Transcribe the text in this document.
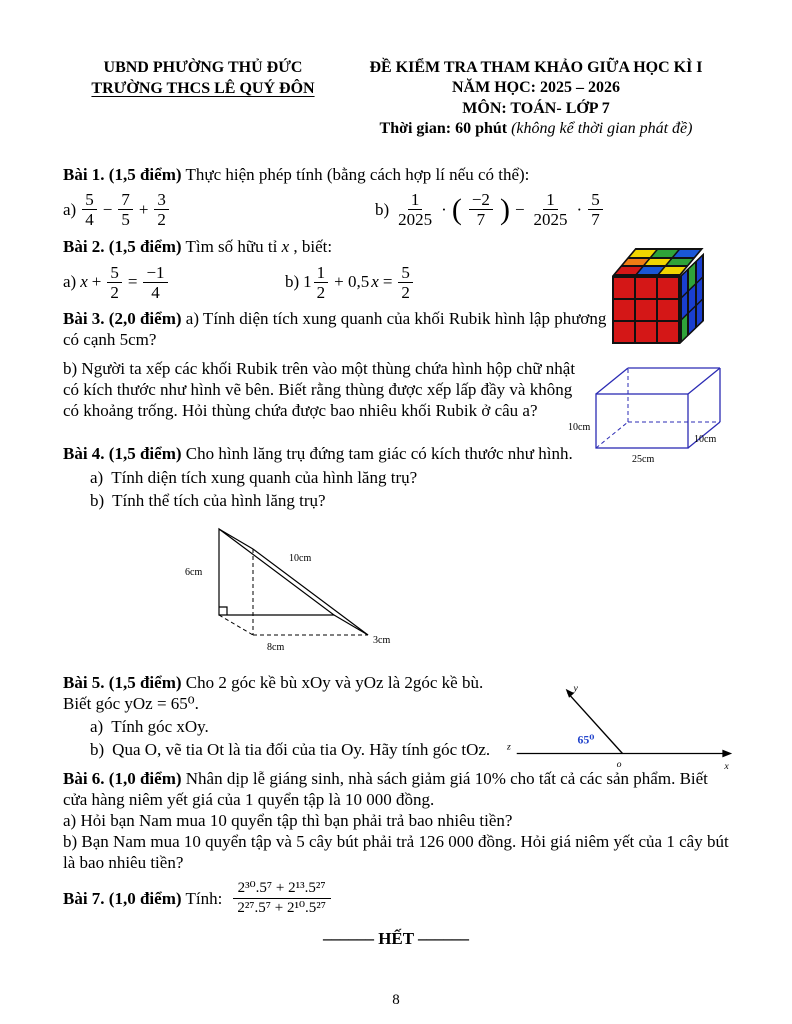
UBND PHƯỜNG THỦ ĐỨC
TRƯỜNG THCS LÊ QUÝ ĐÔN
ĐỀ KIỂM TRA THAM KHẢO GIỮA HỌC KÌ I
NĂM HỌC: 2025 – 2026
MÔN: TOÁN- LỚP 7
Thời gian: 60 phút (không kể thời gian phát đề)

Bài 1. (1,5 điểm) Thực hiện phép tính (bằng cách hợp lí nếu có thể):

$a) \frac{5}{4} - \frac{7}{5} + \frac{3}{2}$	$b) \frac{1}{2025}$ · ( $\frac{-2}{7}$ ) − $\frac{1}{2025} \cdot \frac{5}{7}$

Bài 2. (1,5 điểm) Tìm số hữu tỉ x , biết:

a) $x + \frac{5}{2} = \frac{-1}{4}$	b) $1 \frac{1}{2} + 0,5$ $x = \frac{5}{2}$

Bài 3. (2,0 điểm) a) Tính diện tích xung quanh của khối Rubik hình lập phương có cạnh 5cm?

b) Người ta xếp các khối Rubik trên vào một thùng chứa hình hộp chữ nhật có kích thước như hình vẽ bên. Biết rằng thùng được xếp lấp đầy và không có khoảng trống. Hỏi thùng chứa được bao nhiêu khối Rubik ở câu a?

Bài 4. (1,5 điểm) Cho hình lăng trụ đứng tam giác có kích thước như hình.

a) Tính diện tích xung quanh của hình lăng trụ?

b) Tính thể tích của hình lăng trụ?

6cm
10cm
8cm
3cm

Bài 5. (1,5 điểm) Cho 2 góc kề bù xOy và yOz là 2góc kề bù.

Biết góc yOz = 65⁰.

a) Tính góc xOy.

b) Qua O, vẽ tia Ot là tia đối của tia Oy. Hãy tính góc tOz.

Bài 6. (1,0 điểm) Nhân dịp lễ giáng sinh, nhà sách giảm giá 10% cho tất cả các sản phẩm. Biết cửa hàng niêm yết giá của 1 quyển tập là 10 000 đồng.

a) Hỏi bạn Nam mua 10 quyển tập thì bạn phải trả bao nhiêu tiền?

b) Bạn Nam mua 10 quyển tập và 5 cây bút phải trả 126 000 đồng. Hỏi giá niêm yết của 1 cây bút là bao nhiêu tiền?

Bài 7. (1,0 điểm) Tính: $\frac{\text{2³⁰.5⁷ + 2¹³.5²⁷}}{\text{2²⁷.5⁷ + 2¹⁰.5²⁷}}$

–––––– HẾT ––––––

8
10cm
10cm
25cm
z
y
x
o
65⁰
